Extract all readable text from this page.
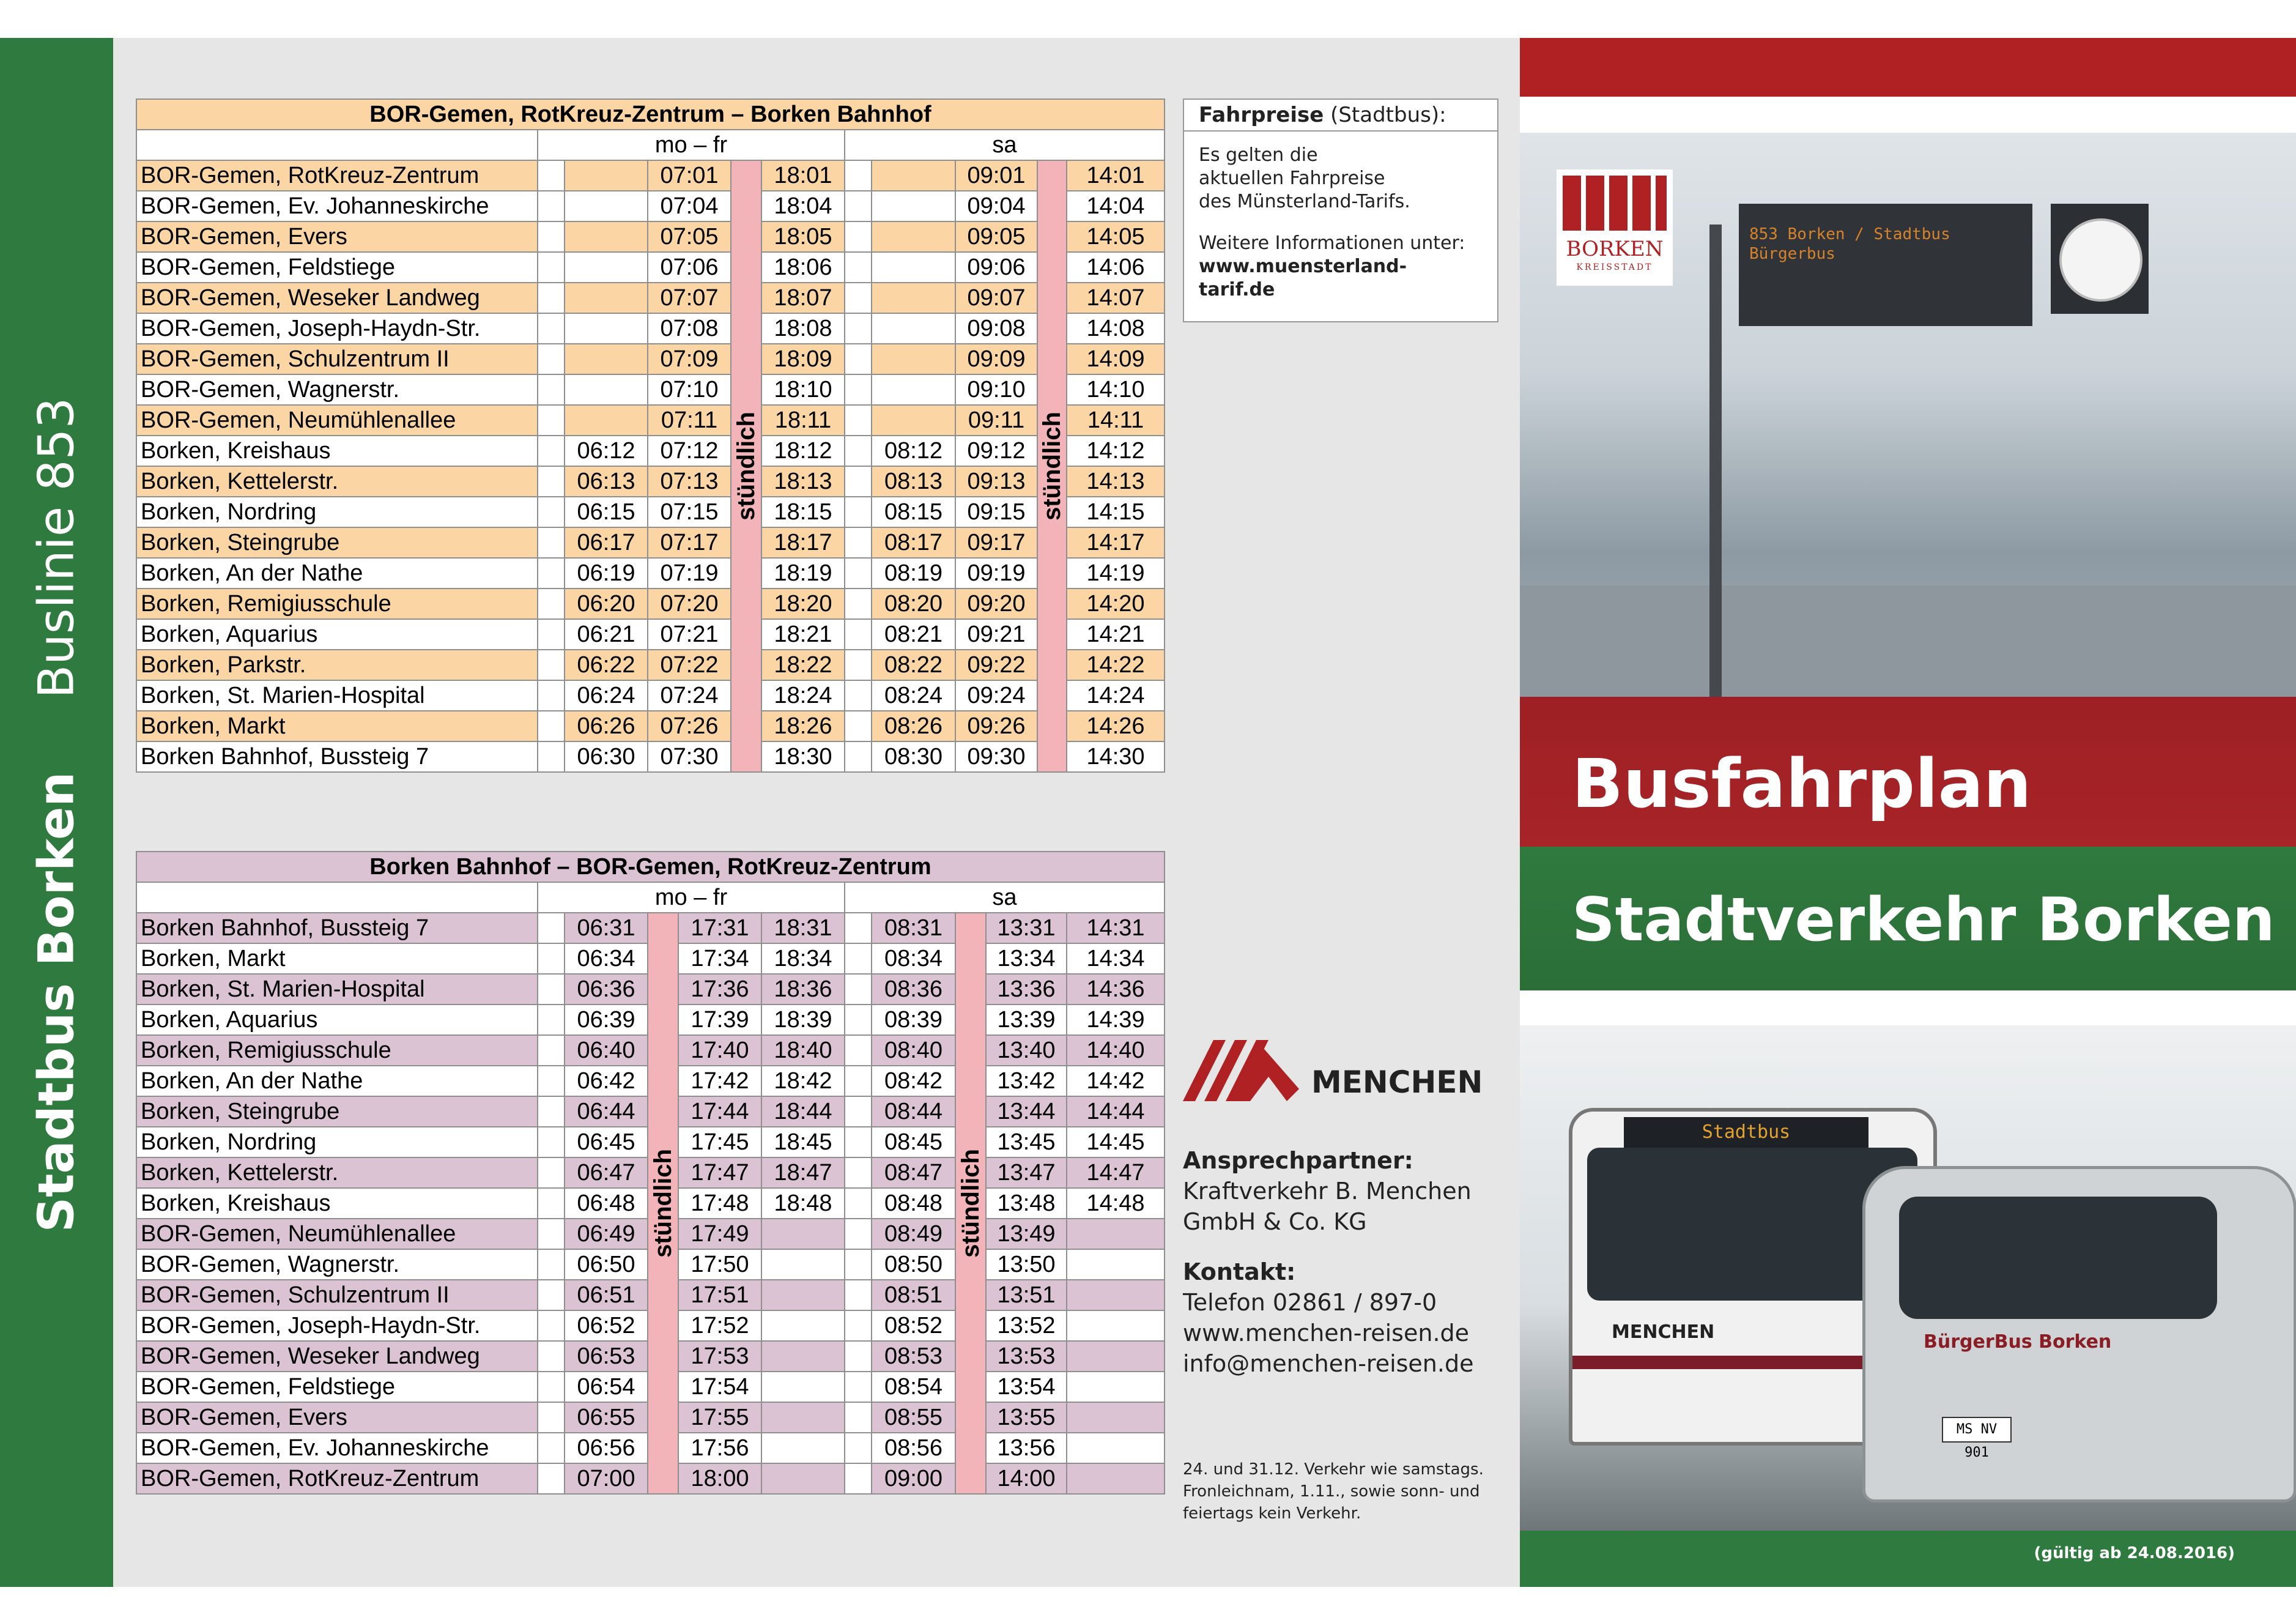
Stadtbus BorkenBuslinie 853
BOR-Gemen, RotKreuz-Zentrum – Borken Bahnhof										
	mo – fr					sa				
BOR-Gemen, RotKreuz-Zentrum			07:01	stündlich	18:01			09:01	stündlich	14:01
BOR-Gemen, Ev. Johanneskirche			07:04		18:04			09:04		14:04
BOR-Gemen, Evers			07:05		18:05			09:05		14:05
BOR-Gemen, Feldstiege			07:06		18:06			09:06		14:06
BOR-Gemen, Weseker Landweg			07:07		18:07			09:07		14:07
BOR-Gemen, Joseph-Haydn-Str.			07:08		18:08			09:08		14:08
BOR-Gemen, Schulzentrum II			07:09		18:09			09:09		14:09
BOR-Gemen, Wagnerstr.			07:10		18:10			09:10		14:10
BOR-Gemen, Neumühlenallee			07:11		18:11			09:11		14:11
Borken, Kreishaus		06:12	07:12		18:12		08:12	09:12		14:12
Borken, Kettelerstr.		06:13	07:13		18:13		08:13	09:13		14:13
Borken, Nordring		06:15	07:15		18:15		08:15	09:15		14:15
Borken, Steingrube		06:17	07:17		18:17		08:17	09:17		14:17
Borken, An der Nathe		06:19	07:19		18:19		08:19	09:19		14:19
Borken, Remigiusschule		06:20	07:20		18:20		08:20	09:20		14:20
Borken, Aquarius		06:21	07:21		18:21		08:21	09:21		14:21
Borken, Parkstr.		06:22	07:22		18:22		08:22	09:22		14:22
Borken, St. Marien-Hospital		06:24	07:24		18:24		08:24	09:24		14:24
Borken, Markt		06:26	07:26		18:26		08:26	09:26		14:26
Borken Bahnhof, Bussteig 7		06:30	07:30		18:30		08:30	09:30		14:30
Borken Bahnhof – BOR-Gemen, RotKreuz-Zentrum										
	mo – fr					sa				
Borken Bahnhof, Bussteig 7		06:31	stündlich	17:31	18:31		08:31	stündlich	13:31	14:31
Borken, Markt		06:34		17:34	18:34		08:34		13:34	14:34
Borken, St. Marien-Hospital		06:36		17:36	18:36		08:36		13:36	14:36
Borken, Aquarius		06:39		17:39	18:39		08:39		13:39	14:39
Borken, Remigiusschule		06:40		17:40	18:40		08:40		13:40	14:40
Borken, An der Nathe		06:42		17:42	18:42		08:42		13:42	14:42
Borken, Steingrube		06:44		17:44	18:44		08:44		13:44	14:44
Borken, Nordring		06:45		17:45	18:45		08:45		13:45	14:45
Borken, Kettelerstr.		06:47		17:47	18:47		08:47		13:47	14:47
Borken, Kreishaus		06:48		17:48	18:48		08:48		13:48	14:48
BOR-Gemen, Neumühlenallee		06:49		17:49			08:49		13:49	
BOR-Gemen, Wagnerstr.		06:50		17:50			08:50		13:50	
BOR-Gemen, Schulzentrum II		06:51		17:51			08:51		13:51	
BOR-Gemen, Joseph-Haydn-Str.		06:52		17:52			08:52		13:52	
BOR-Gemen, Weseker Landweg		06:53		17:53			08:53		13:53	
BOR-Gemen, Feldstiege		06:54		17:54			08:54		13:54	
BOR-Gemen, Evers		06:55		17:55			08:55		13:55	
BOR-Gemen, Ev. Johanneskirche		06:56		17:56			08:56		13:56	
BOR-Gemen, RotKreuz-Zentrum		07:00		18:00			09:00		14:00	
Fahrpreise (Stadtbus):
Es gelten die
aktuellen Fahrpreise
des Münsterland-Tarifs.
Weitere Informationen unter:
www.muensterland-tarif.de
MENCHEN
Ansprechpartner:
Kraftverkehr B. Menchen
GmbH & Co. KG
Kontakt:
Telefon 02861 / 897-0
www.menchen-reisen.de
info@menchen-reisen.de
24. und 31.12. Verkehr wie samstags.
Fronleichnam, 1.11., sowie sonn- und
feiertags kein Verkehr.
853 Borken / Stadtbus
Bürgerbus
BORKEN
KREISSTADT
Busfahrplan
Stadtverkehr Borken
Stadtbus
MENCHEN	BürgerBus Borken
MS NV 901
(gültig ab 24.08.2016)
